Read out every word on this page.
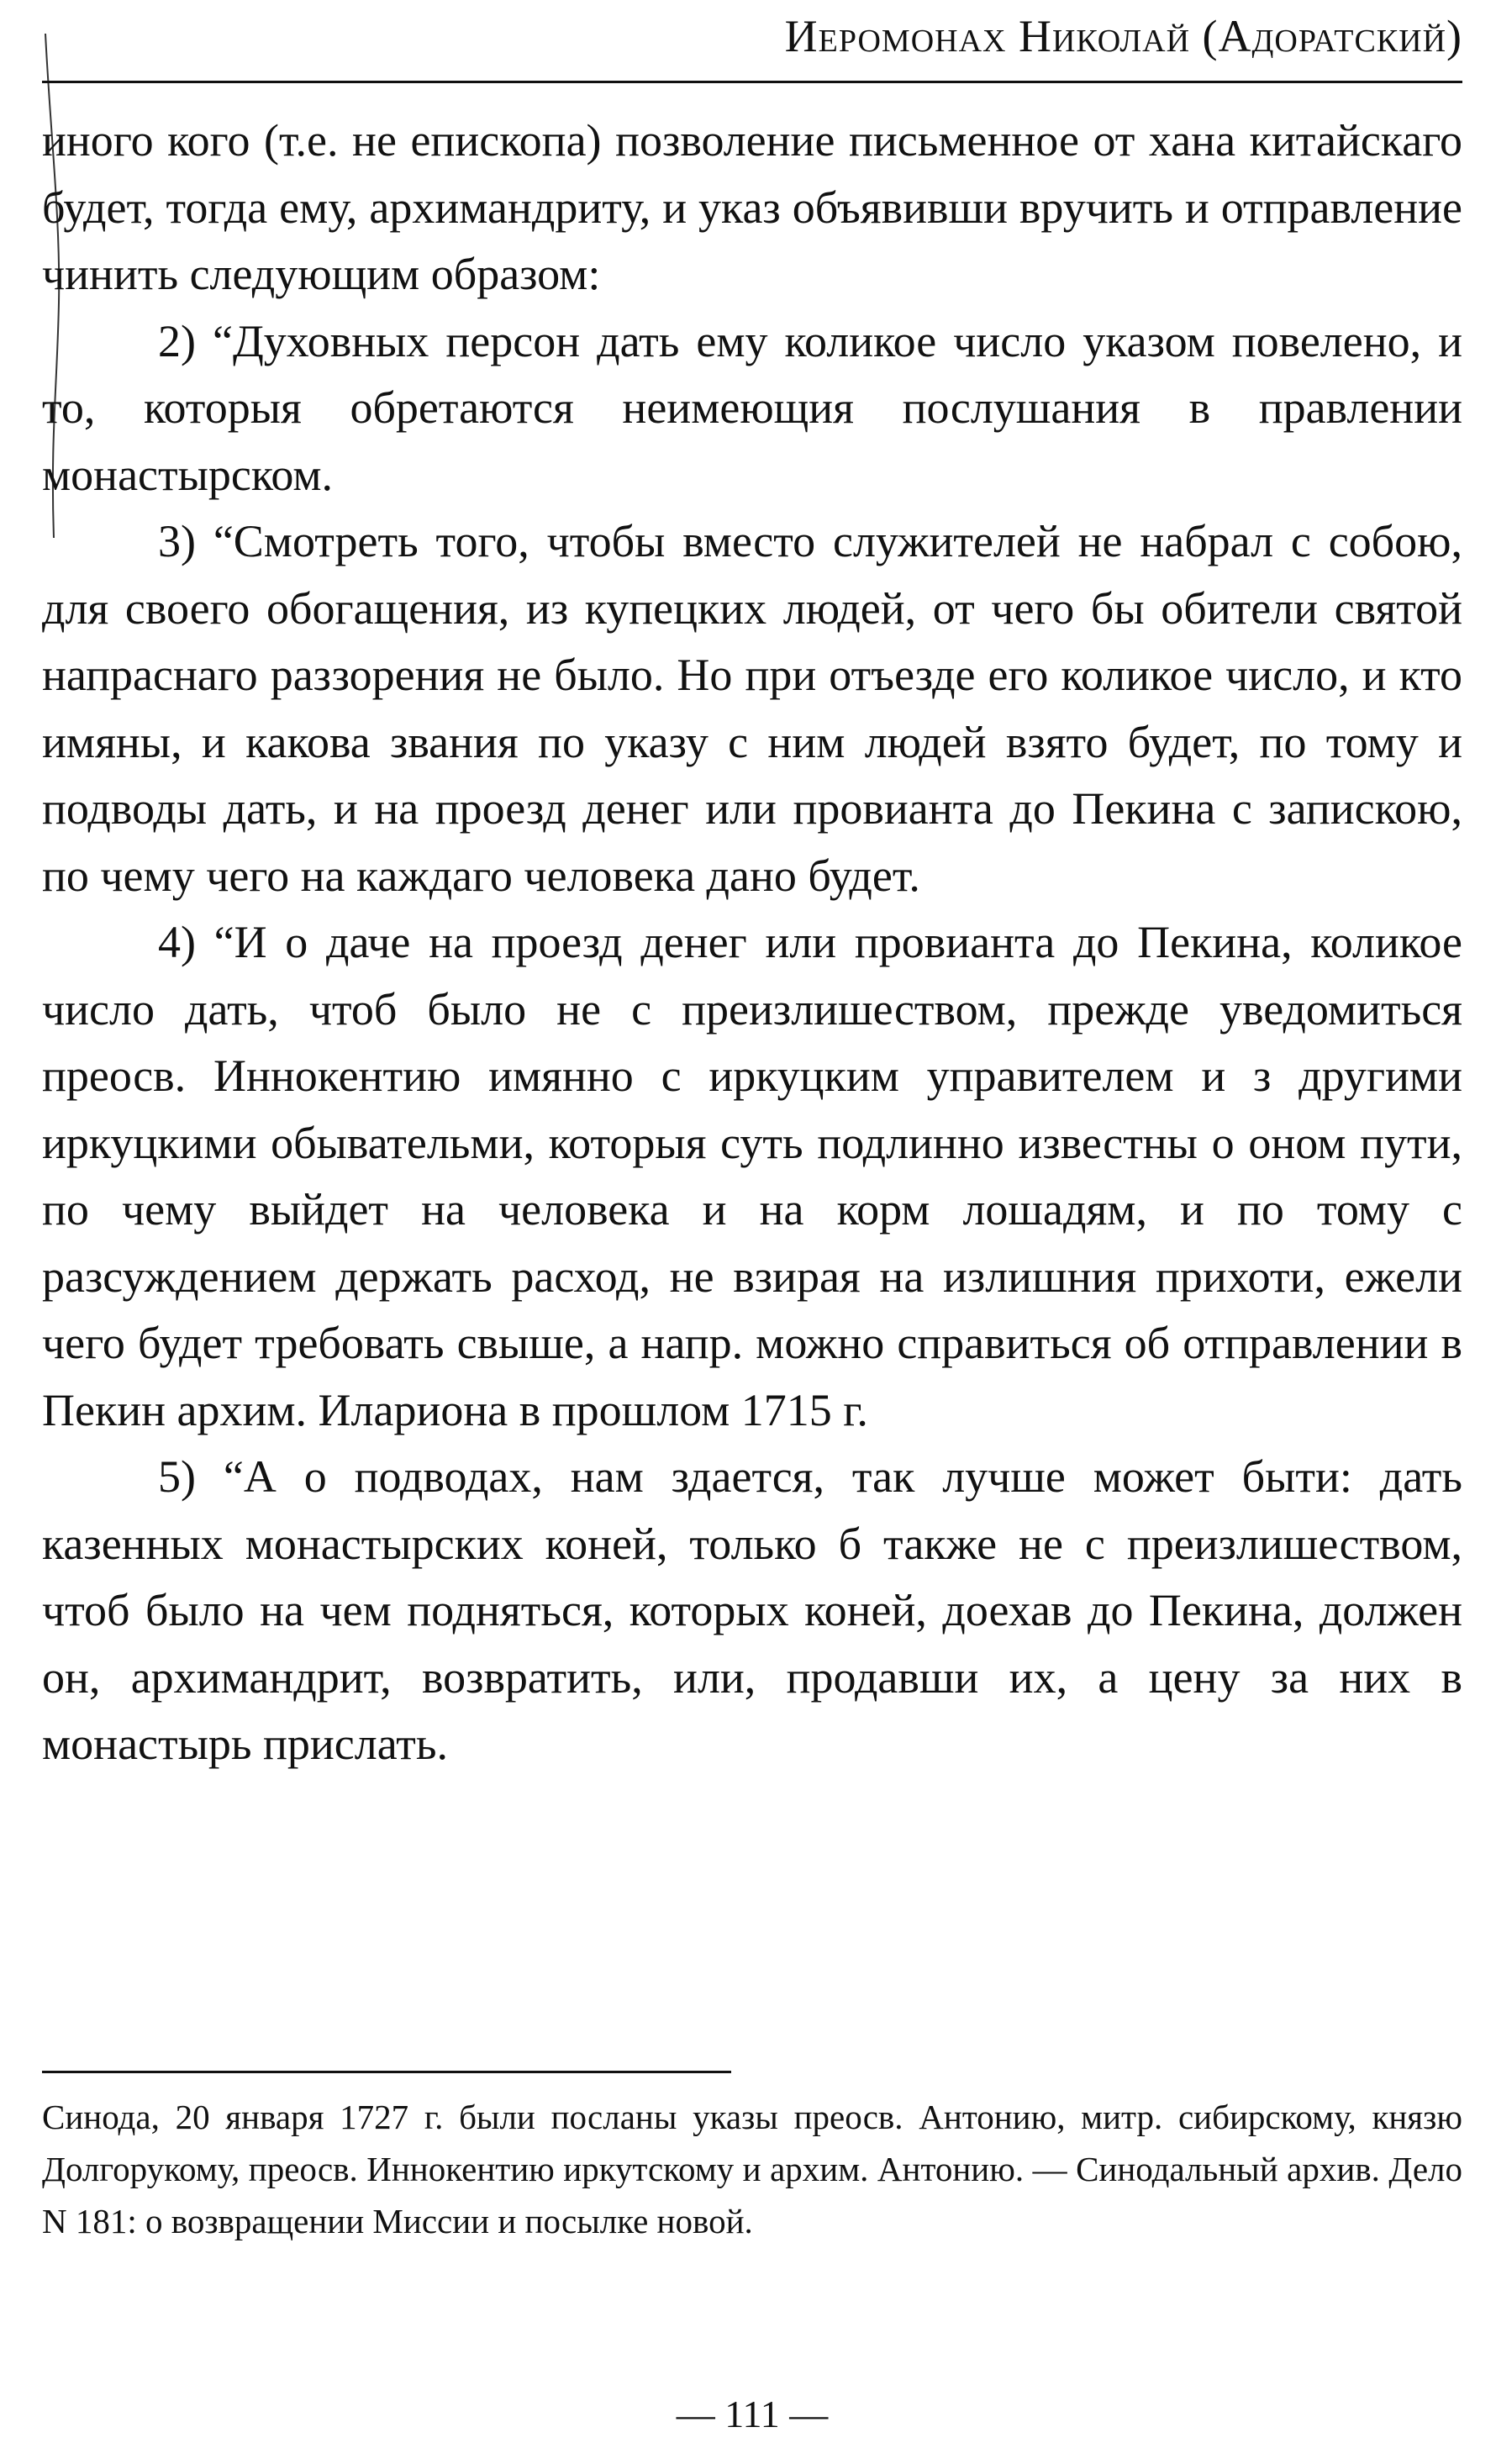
Иеромонах Николай (Адоратский)

иного кого (т.е. не епископа) позволение письменное от хана китайскаго будет, тогда ему, архимандриту, и указ объявивши вручить и отправление чинить следующим образом:

2) “Духовных персон дать ему коликое число указом повелено, и то, которыя обретаются неимеющия послушания в правлении монастырском.

3) “Смотреть того, чтобы вместо служителей не набрал с собою, для своего обогащения, из купецких людей, от чего бы обители святой напраснаго раззорения не было. Но при отъезде его коликое число, и кто имяны, и какова звания по указу с ним людей взято будет, по тому и подводы дать, и на проезд денег или провианта до Пекина с запискою, по чему чего на каждаго человека дано будет.

4) “И о даче на проезд денег или провианта до Пекина, коликое число дать, чтоб было не с преизлишеством, прежде уведомиться преосв. Иннокентию имянно с иркуцким управителем и з другими иркуцкими обывательми, которыя суть подлинно известны о оном пути, по чему выйдет на человека и на корм лошадям, и по тому с разсуждением держать расход, не взирая на излишния прихоти, ежели чего будет требовать свыше, а напр. можно справиться об отправлении в Пекин архим. Илариона в прошлом 1715 г.

5) “А о подводах, нам здается, так лучше может быти: дать казенных монастырских коней, только б также не с преизлишеством, чтоб было на чем подняться, которых коней, доехав до Пекина, должен он, архимандрит, возвратить, или, продавши их, а цену за них в монастырь прислать.

Синода, 20 января 1727 г. были посланы указы преосв. Антонию, митр. сибирскому, князю Долгорукому, преосв. Иннокентию иркутскому и архим. Антонию. — Синодальный архив. Дело N 181: о возвращении Миссии и посылке новой.

— 111 —
